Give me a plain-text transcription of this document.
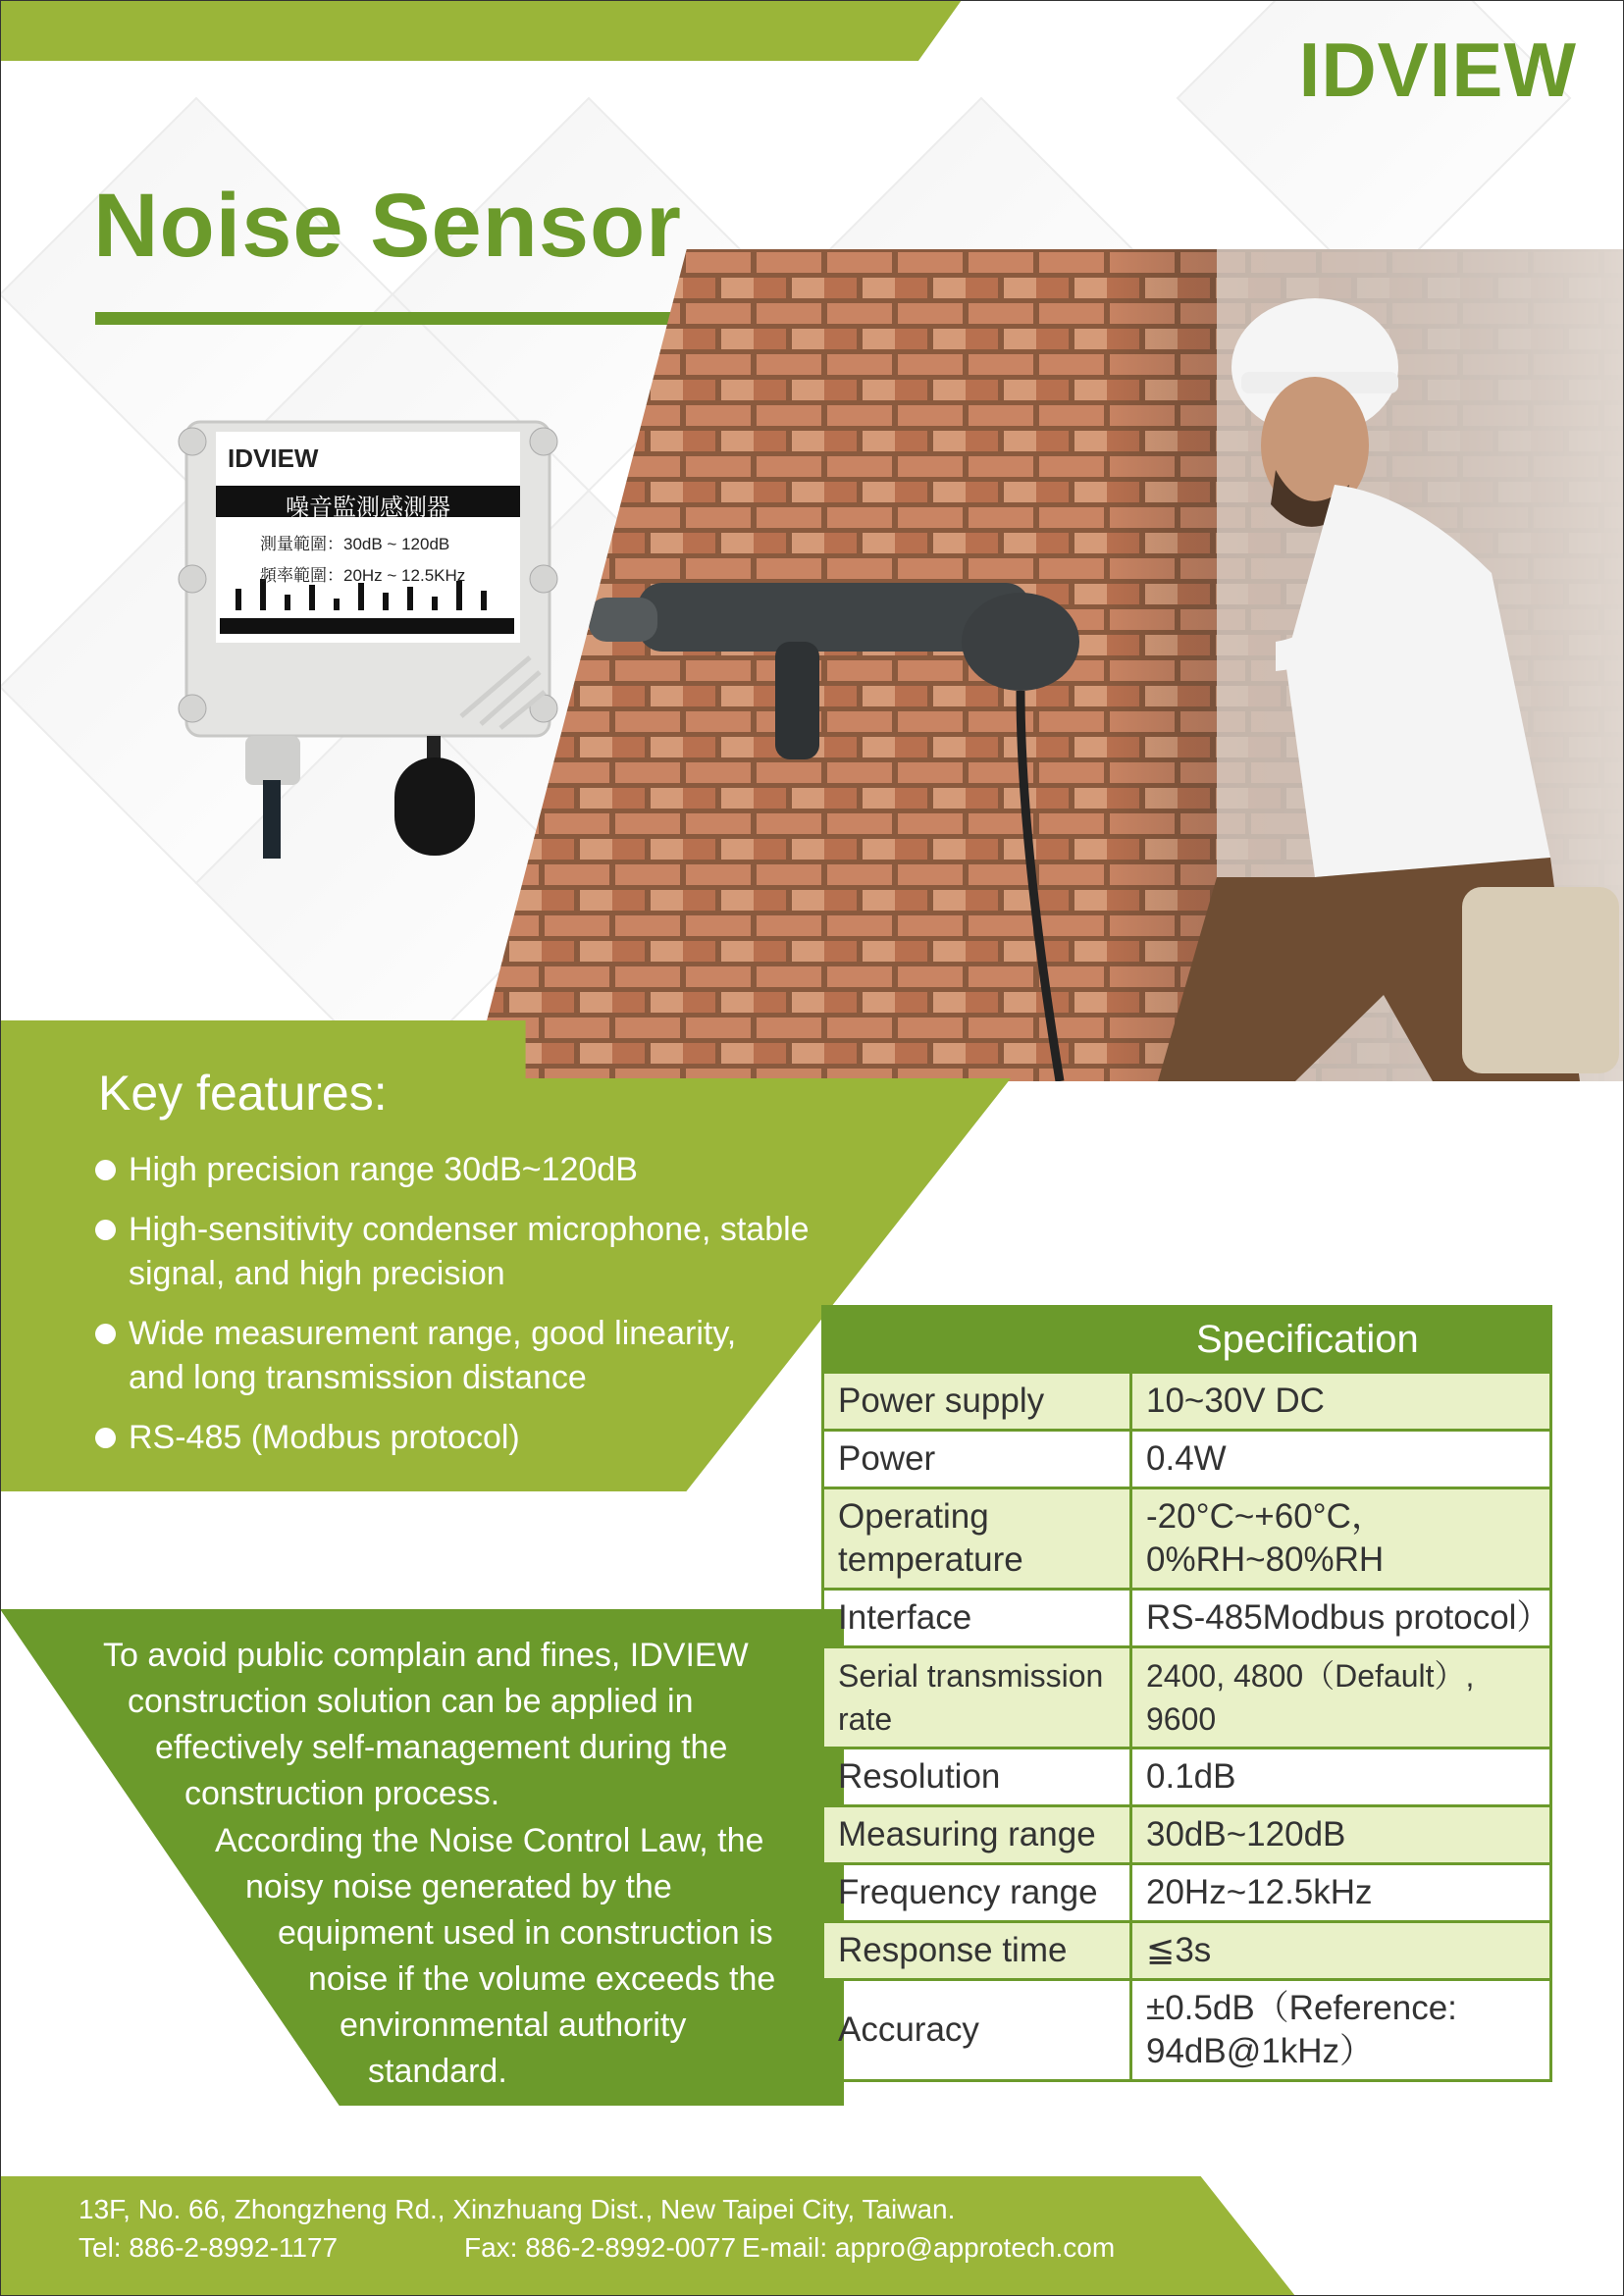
IDVIEW
Noise Sensor
IDVIEW
噪音監測感測器
測量範圍：30dB ~ 120dB
頻率範圍：20Hz ~ 12.5KHz
Key features:
High precision range 30dB~120dB
High-sensitivity condenser microphone, stable
signal, and high precision
Wide measurement range, good linearity,
and long transmission distance
RS-485 (Modbus protocol)
To avoid public complain and fines, IDVIEW
construction solution can be applied in
effectively self-management during the
construction process.
According the Noise Control Law, the
noisy noise generated by the
equipment used in construction is
noise if the volume exceeds the
environmental authority
standard.
	Specification
Power supply	10~30V DC
Power	0.4W
Operating temperature	-20°C~+60°C，0%RH~80%RH
Interface	RS-485Modbus protocol）
Serial transmission rate	2400, 4800（Default）, 9600
Resolution	0.1dB
Measuring range	30dB~120dB
Frequency range	20Hz~12.5kHz
Response time	≦3s
Accuracy	±0.5dB（Reference: 94dB@1kHz）
13F, No. 66, Zhongzheng Rd., Xinzhuang Dist., New Taipei City, Taiwan.
Tel: 886-2-8992-1177	Fax: 886-2-8992-0077 E-mail: appro@approtech.com
